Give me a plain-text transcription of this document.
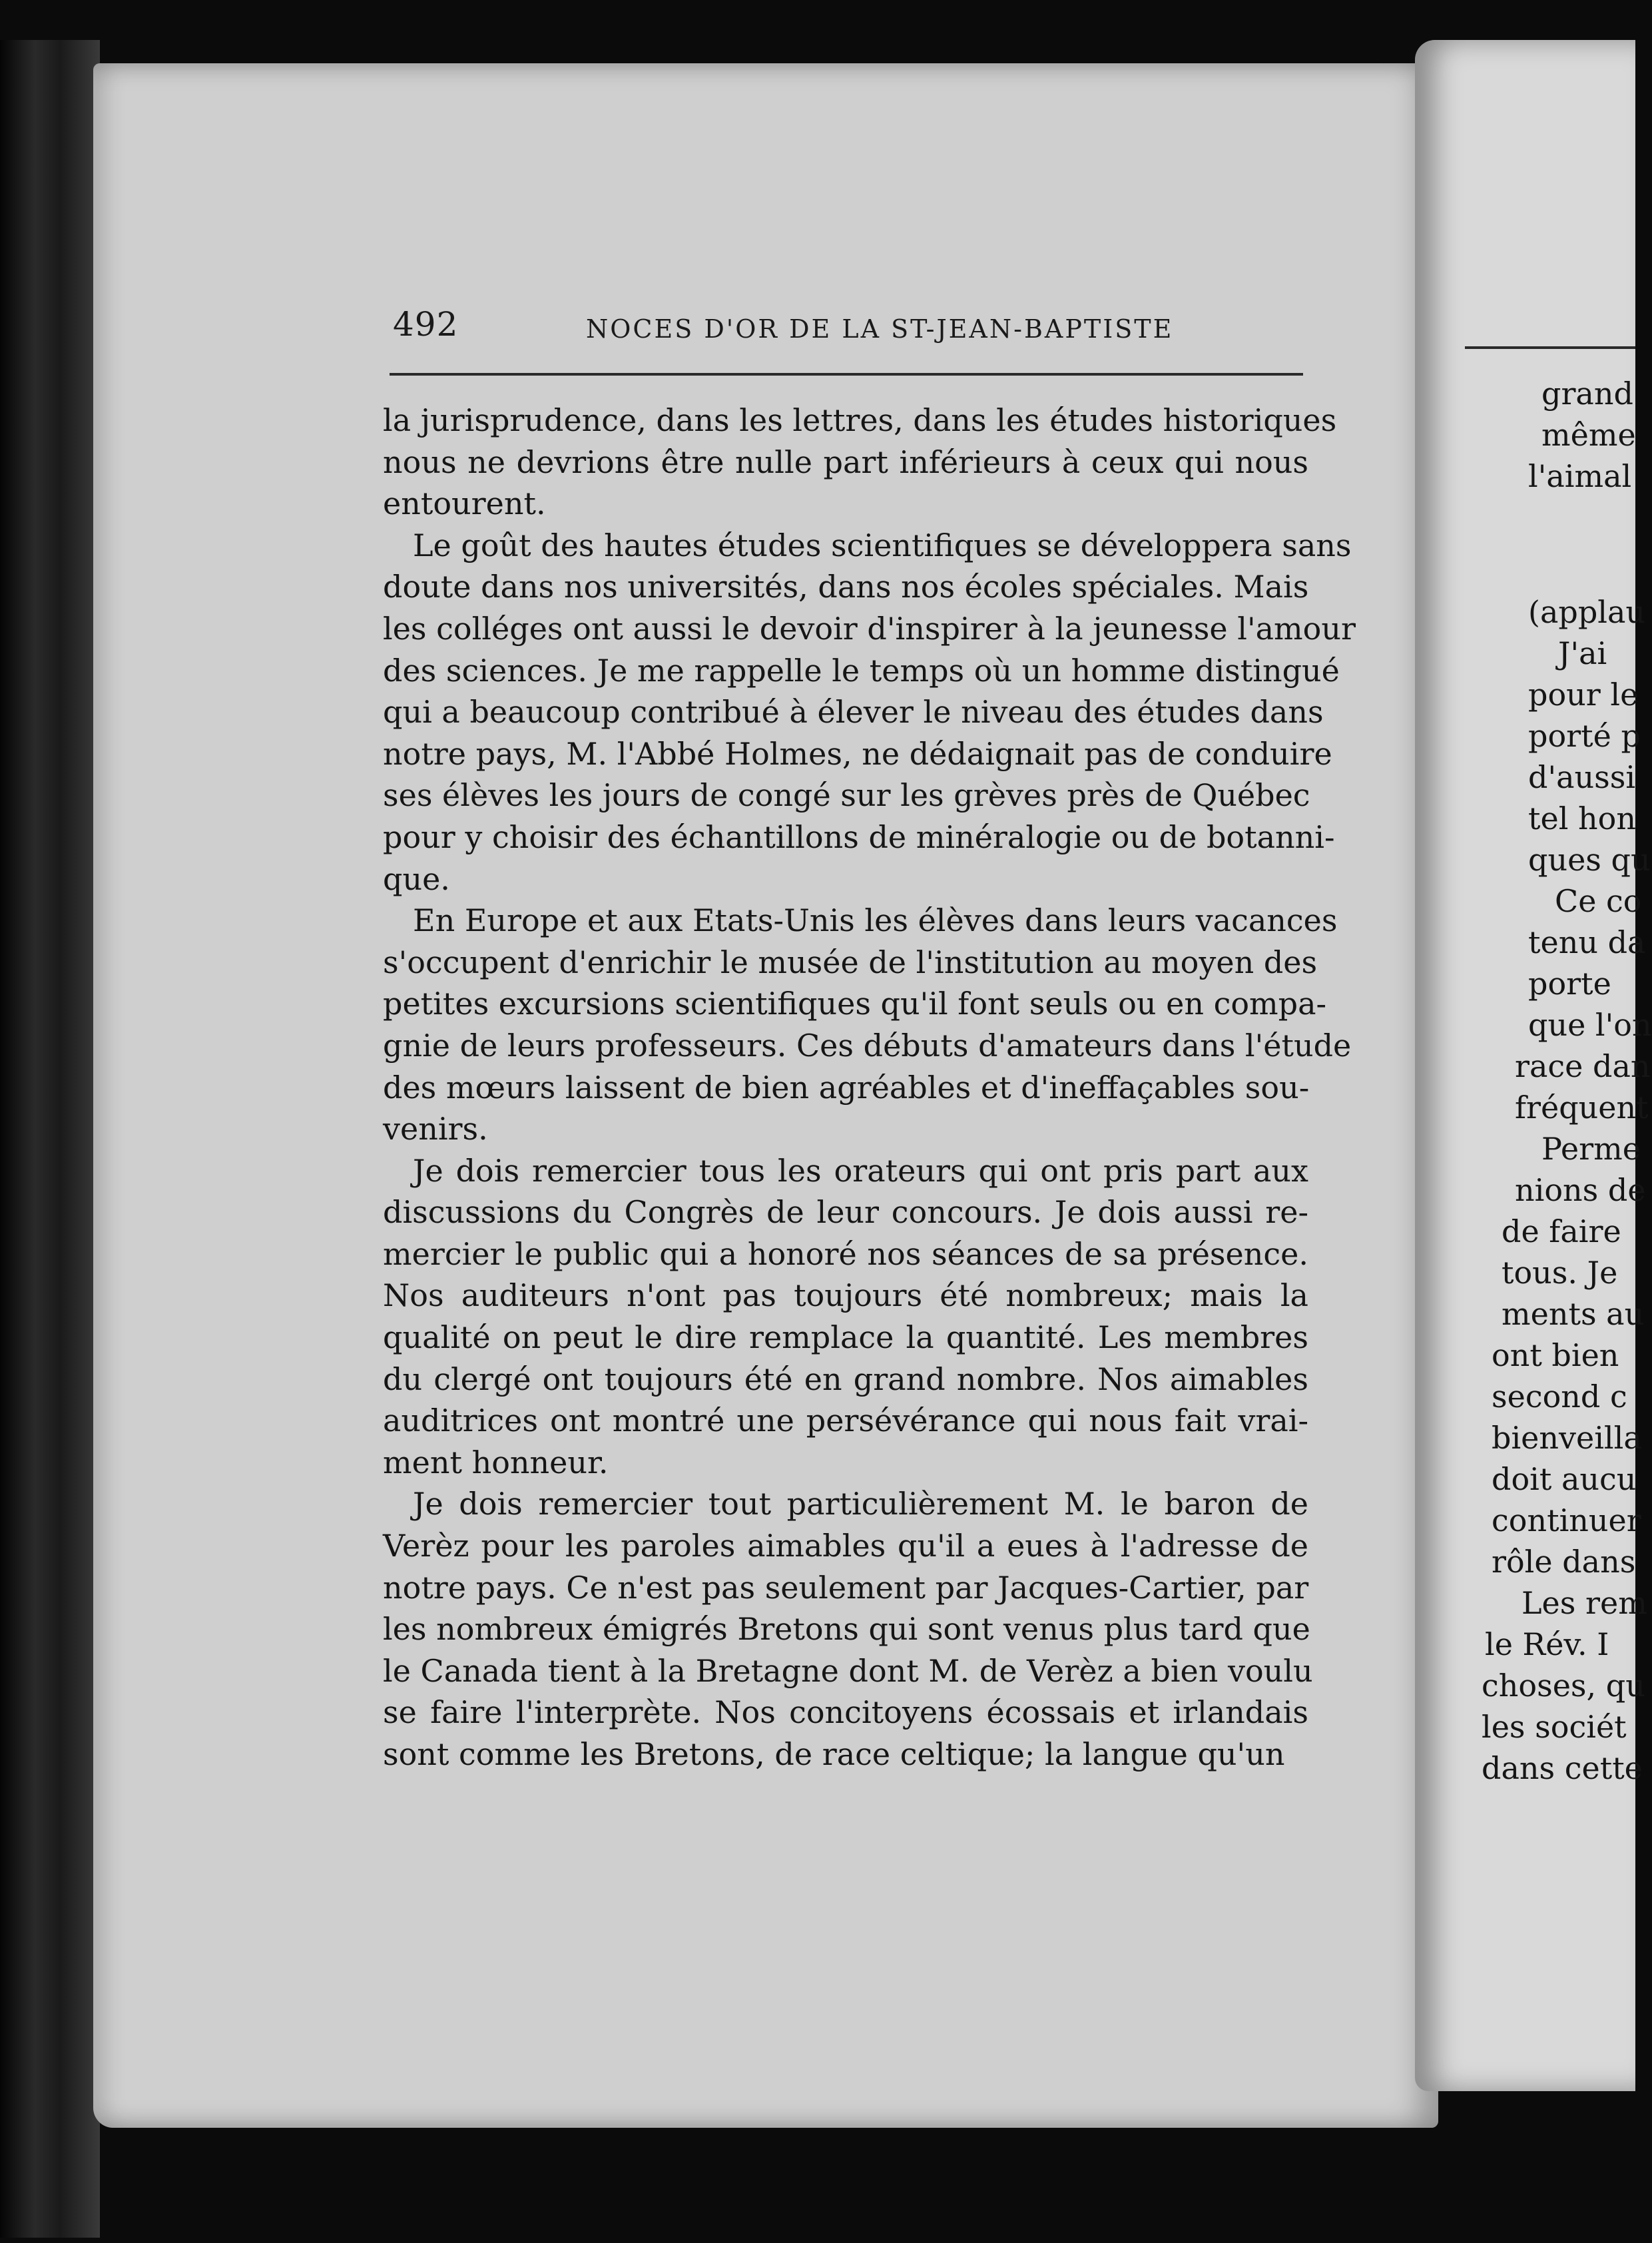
492	NOCES D'OR DE LA ST-JEAN-BAPTISTE
la jurisprudence, dans les lettres, dans les études historiques
nous ne devrions être nulle part inférieurs à ceux qui nous
entourent.
Le goût des hautes études scientifiques se développera sans
doute dans nos universités, dans nos écoles spéciales. Mais
les colléges ont aussi le devoir d'inspirer à la jeunesse l'amour
des sciences. Je me rappelle le temps où un homme distingué
qui a beaucoup contribué à élever le niveau des études dans
notre pays, M. l'Abbé Holmes, ne dédaignait pas de conduire
ses élèves les jours de congé sur les grèves près de Québec
pour y choisir des échantillons de minéralogie ou de botanni-
que.
En Europe et aux Etats-Unis les élèves dans leurs vacances
s'occupent d'enrichir le musée de l'institution au moyen des
petites excursions scientifiques qu'il font seuls ou en compa-
gnie de leurs professeurs. Ces débuts d'amateurs dans l'étude
des mœurs laissent de bien agréables et d'ineffaçables sou-
venirs.
Je dois remercier tous les orateurs qui ont pris part aux
discussions du Congrès de leur concours. Je dois aussi re-
mercier le public qui a honoré nos séances de sa présence.
Nos auditeurs n'ont pas toujours été nombreux; mais la
qualité on peut le dire remplace la quantité. Les membres
du clergé ont toujours été en grand nombre. Nos aimables
auditrices ont montré une persévérance qui nous fait vrai-
ment honneur.
Je dois remercier tout particulièrement M. le baron de
Verèz pour les paroles aimables qu'il a eues à l'adresse de
notre pays. Ce n'est pas seulement par Jacques-Cartier, par
les nombreux émigrés Bretons qui sont venus plus tard que
le Canada tient à la Bretagne dont M. de Verèz a bien voulu
se faire l'interprète. Nos concitoyens écossais et irlandais
sont comme les Bretons, de race celtique; la langue qu'un
grand
même
l'aimal
(applau
J'ai
pour le
porté p
d'aussi
tel hon
ques qu
Ce co
tenu da
porte
que l'on
race dan
fréquent
Perme
nions de
de faire
tous. Je
ments au
ont bien
second c
bienveilla
doit aucu
continuer
rôle dans
Les rem
le Rév. I
choses, qu
les sociét
dans cette
